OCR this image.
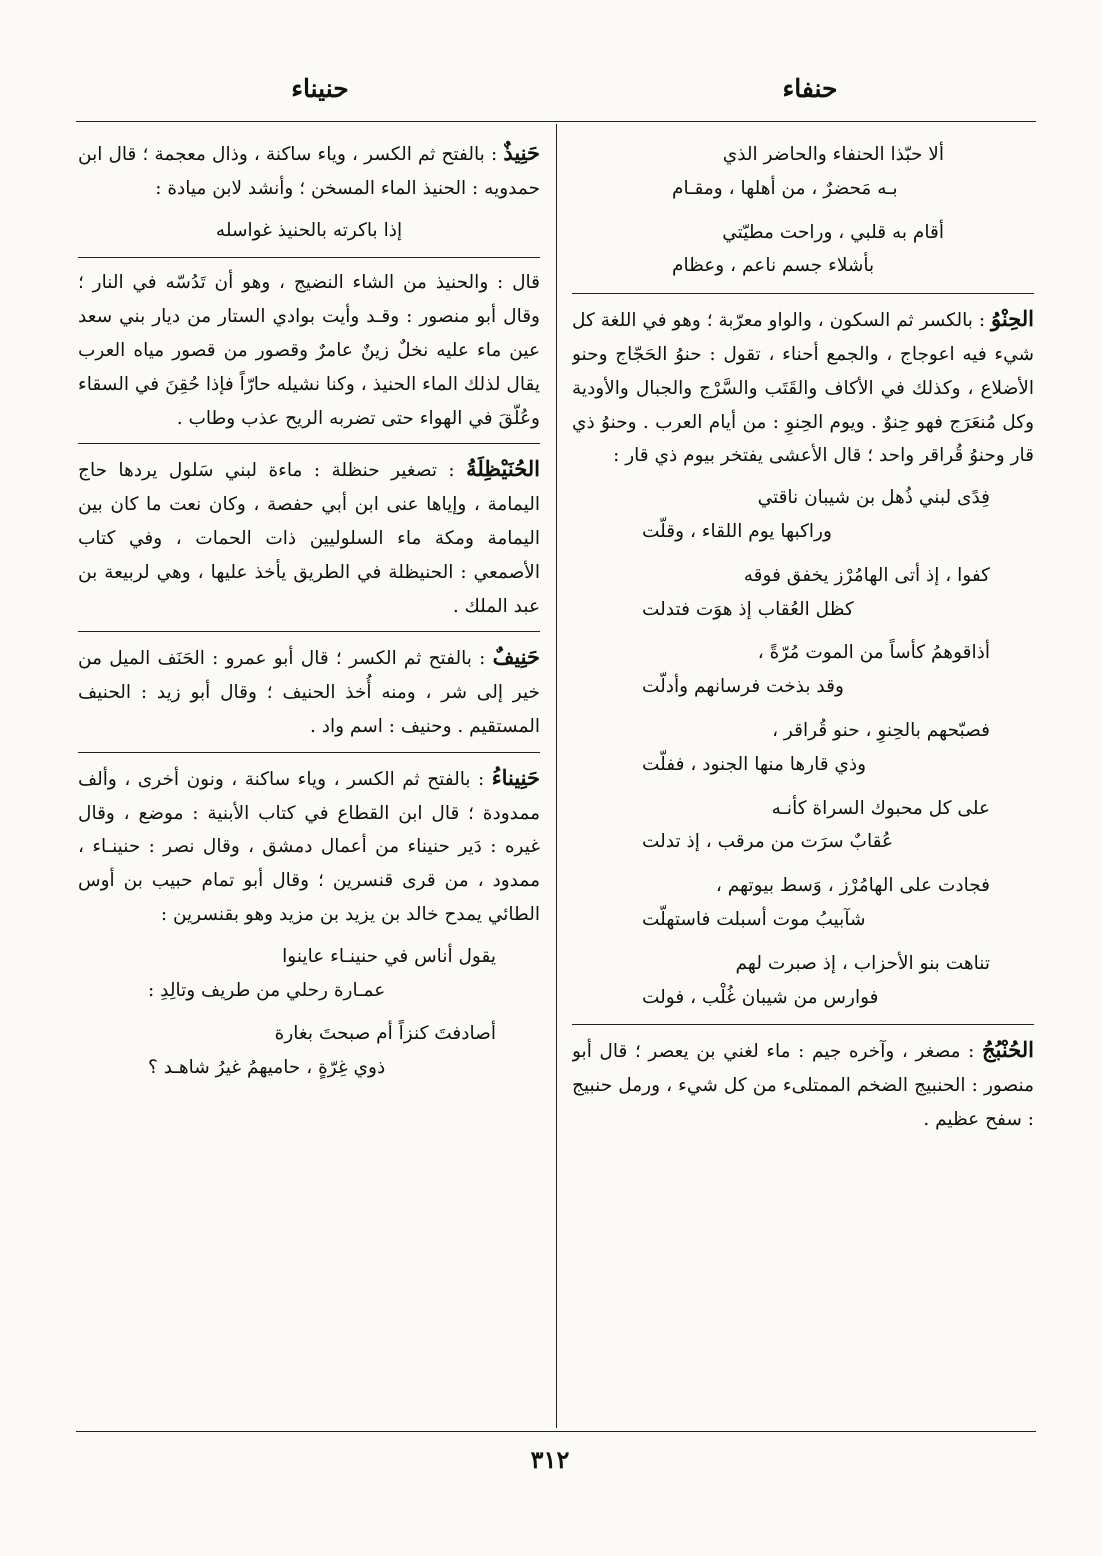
حنفاء
حنيناء
ألا حبّذا الحنفاء والحاضر الذي
بـه مَحضرٌ ، من أهلها ، ومقـام
أقام به قلبي ، وراحت مطيّتي
بأشلاء جسم ناعم ، وعظام
الحِنْوُ : بالكسر ثم السكون ، والواو معرّبة ؛ وهو في اللغة كل شيء فيه اعوجاج ، والجمع أحناء ، تقول : حنوُ الحَجّاج وحنو الأضلاع ، وكذلك في الأكاف والقَتَب والسَّرْج والجبال والأودية وكل مُنعَرَج فهو حِنوٌ . ويوم الحِنوِ : من أيام العرب . وحنوُ ذي قار وحنوُ قُراقر واحد ؛ قال الأعشى يفتخر بيوم ذي قار :
فِدًى لبني ذُهل بن شيبان ناقتي
وراكبها يوم اللقاء ، وقلّت
كفوا ، إذ أتى الهامُرْز يخفق فوقه
كظل العُقاب إذ هوَت فتدلت
أذاقوهمُ كأساً من الموت مُرّةً ،
وقد بذخت فرسانهم وأدلّت
فصبّحهم بالحِنوِ ، حنو قُراقر ،
وذي قارها منها الجنود ، ففلّت
على كل محبوك السراة كأنـه
عُقابٌ سرَت من مرقب ، إذ تدلت
فجادت على الهامُرْز ، وَسط بيوتهم ،
شآبيبُ موت أسبلت فاستهلّت
تناهت بنو الأحزاب ، إذ صبرت لهم
فوارس من شيبان غُلْب ، فولت
الحُنْبُجُ : مصغر ، وآخره جيم : ماء لغني بن يعصر ؛ قال أبو منصور : الحنبيج الضخم الممتلىء من كل شيء ، ورمل حنبيج : سفح عظيم .
حَنِيذٌ : بالفتح ثم الكسر ، وياء ساكنة ، وذال معجمة ؛ قال ابن حمدويه : الحنيذ الماء المسخن ؛ وأنشد لابن ميادة :
إذا باكرته بالحنيذ غواسله
قال : والحنيذ من الشاء النضيج ، وهو أن تَدُسّه في النار ؛ وقال أبو منصور : وقـد وأيت بوادي الستار من ديار بني سعد عين ماء عليه نخلٌ زينٌ عامرٌ وقصور من قصور مياه العرب يقال لذلك الماء الحنيذ ، وكنا نشيله حارّاً فإذا حُقِنَ في السقاء وعُلّقَ في الهواء حتى تضربه الريح عذب وطاب .
الحُنَيْظِلَةُ : تصغير حنظلة : ماءة لبني سَلول يردها حاج اليمامة ، وإياها عنى ابن أبي حفصة ، وكان نعت ما كان بين اليمامة ومكة ماء السلوليين ذات الحمات ، وفي كتاب الأصمعي : الحنيظلة في الطريق يأخذ عليها ، وهي لربيعة بن عبد الملك .
حَنِيفٌ : بالفتح ثم الكسر ؛ قال أبو عمرو : الحَنَف الميل من خير إلى شر ، ومنه أُخذ الحنيف ؛ وقال أبو زيد : الحنيف المستقيم . وحنيف : اسم واد .
حَنِيناءُ : بالفتح ثم الكسر ، وياء ساكنة ، ونون أخرى ، وألف ممدودة ؛ قال ابن القطاع في كتاب الأبنية : موضع ، وقال غيره : دَير حنيناء من أعمال دمشق ، وقال نصر : حنينـاء ، ممدود ، من قرى قنسرين ؛ وقال أبو تمام حبيب بن أوس الطائي يمدح خالد بن يزيد بن مزيد وهو بقنسرين :
يقول أناس في حنينـاء عاينوا
عمـارة رحلي من طريف وتالِدِ :
أصادفتَ كنزاً أم صبحتَ بغارة
ذوي غِرّةٍ ، حاميهمُ غيرُ شاهـد ؟
٣١٢
